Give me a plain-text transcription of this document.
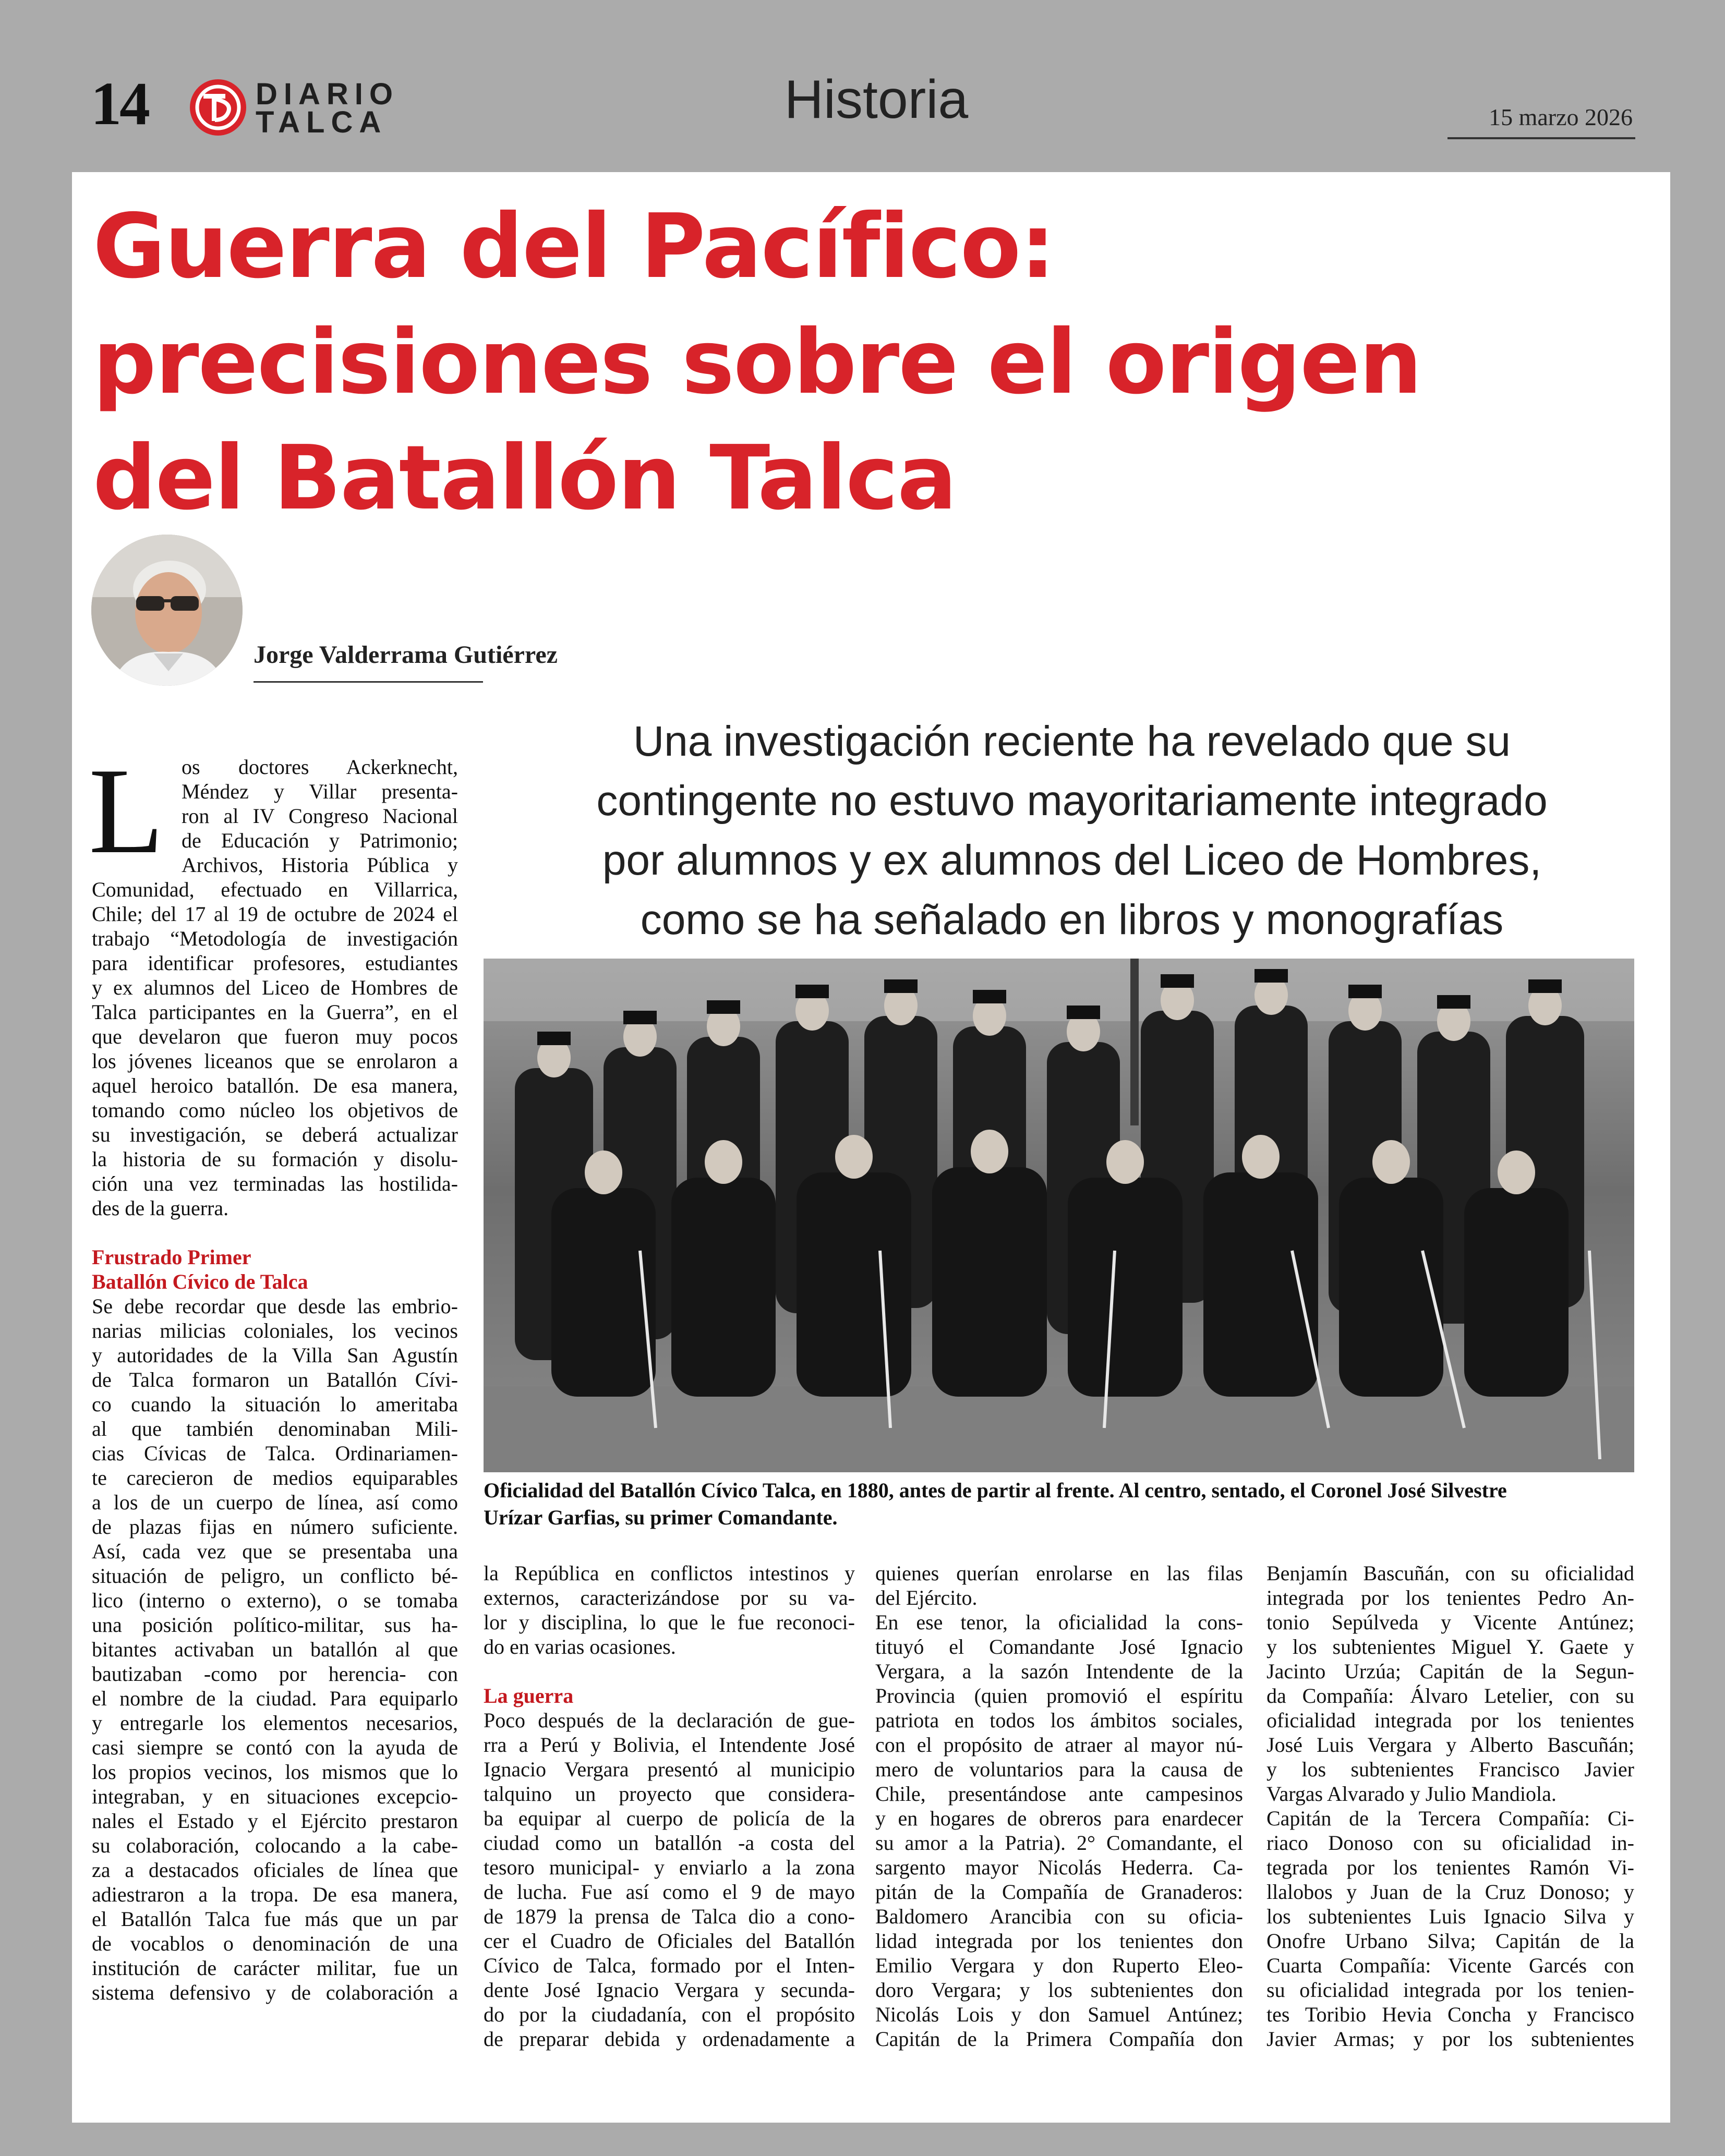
14	DIARIO
TALCA	Historia	15 marzo 2026
Guerra del Pacífico:
precisiones sobre el origen
del Batallón Talca
Jorge Valderrama Gutiérrez
Una investigación reciente ha revelado que su
contingente no estuvo mayoritariamente integrado
por alumnos y ex alumnos del Liceo de Hombres,
como se ha señalado en libros y monografías
Oficialidad del Batallón Cívico Talca, en 1880, antes de partir al frente. Al centro, sentado, el Coronel José Silvestre
Urízar Garfias, su primer Comandante.
L os doctores Ackerknecht,
Méndez y Villar presenta-
ron al IV Congreso Nacional
de Educación y Patrimonio;
Archivos, Historia Pública y
Comunidad, efectuado en Villarrica,
Chile; del 17 al 19 de octubre de 2024 el
trabajo “Metodología de investigación
para identificar profesores, estudiantes
y ex alumnos del Liceo de Hombres de
Talca participantes en la Guerra”, en el
que develaron que fueron muy pocos
los jóvenes liceanos que se enrolaron a
aquel heroico batallón. De esa manera,
tomando como núcleo los objetivos de
su investigación, se deberá actualizar
la historia de su formación y disolu-
ción una vez terminadas las hostilida-
des de la guerra.
Frustrado Primer
Batallón Cívico de Talca
Se debe recordar que desde las embrio-
narias milicias coloniales, los vecinos
y autoridades de la Villa San Agustín
de Talca formaron un Batallón Cívi-
co cuando la situación lo ameritaba
al que también denominaban Mili-
cias Cívicas de Talca. Ordinariamen-
te carecieron de medios equiparables
a los de un cuerpo de línea, así como
de plazas fijas en número suficiente.
Así, cada vez que se presentaba una
situación de peligro, un conflicto bé-
lico (interno o externo), o se tomaba
una posición político-militar, sus ha-
bitantes activaban un batallón al que
bautizaban -como por herencia- con
el nombre de la ciudad. Para equiparlo
y entregarle los elementos necesarios,
casi siempre se contó con la ayuda de
los propios vecinos, los mismos que lo
integraban, y en situaciones excepcio-
nales el Estado y el Ejército prestaron
su colaboración, colocando a la cabe-
za a destacados oficiales de línea que
adiestraron a la tropa. De esa manera,
el Batallón Talca fue más que un par
de vocablos o denominación de una
institución de carácter militar, fue un
sistema defensivo y de colaboración a
la República en conflictos intestinos y
externos, caracterizándose por su va-
lor y disciplina, lo que le fue reconoci-
do en varias ocasiones.
La guerra
Poco después de la declaración de gue-
rra a Perú y Bolivia, el Intendente José
Ignacio Vergara presentó al municipio
talquino un proyecto que considera-
ba equipar al cuerpo de policía de la
ciudad como un batallón -a costa del
tesoro municipal- y enviarlo a la zona
de lucha. Fue así como el 9 de mayo
de 1879 la prensa de Talca dio a cono-
cer el Cuadro de Oficiales del Batallón
Cívico de Talca, formado por el Inten-
dente José Ignacio Vergara y secunda-
do por la ciudadanía, con el propósito
de preparar debida y ordenadamente a
quienes querían enrolarse en las filas
del Ejército.
En ese tenor, la oficialidad la cons-
tituyó el Comandante José Ignacio
Vergara, a la sazón Intendente de la
Provincia (quien promovió el espíritu
patriota en todos los ámbitos sociales,
con el propósito de atraer al mayor nú-
mero de voluntarios para la causa de
Chile, presentándose ante campesinos
y en hogares de obreros para enardecer
su amor a la Patria). 2° Comandante, el
sargento mayor Nicolás Hederra. Ca-
pitán de la Compañía de Granaderos:
Baldomero Arancibia con su oficia-
lidad integrada por los tenientes don
Emilio Vergara y don Ruperto Eleo-
doro Vergara; y los subtenientes don
Nicolás Lois y don Samuel Antúnez;
Capitán de la Primera Compañía don
Benjamín Bascuñán, con su oficialidad
integrada por los tenientes Pedro An-
tonio Sepúlveda y Vicente Antúnez;
y los subtenientes Miguel Y. Gaete y
Jacinto Urzúa; Capitán de la Segun-
da Compañía: Álvaro Letelier, con su
oficialidad integrada por los tenientes
José Luis Vergara y Alberto Bascuñán;
y los subtenientes Francisco Javier
Vargas Alvarado y Julio Mandiola.
Capitán de la Tercera Compañía: Ci-
riaco Donoso con su oficialidad in-
tegrada por los tenientes Ramón Vi-
llalobos y Juan de la Cruz Donoso; y
los subtenientes Luis Ignacio Silva y
Onofre Urbano Silva; Capitán de la
Cuarta Compañía: Vicente Garcés con
su oficialidad integrada por los tenien-
tes Toribio Hevia Concha y Francisco
Javier Armas; y por los subtenientes
